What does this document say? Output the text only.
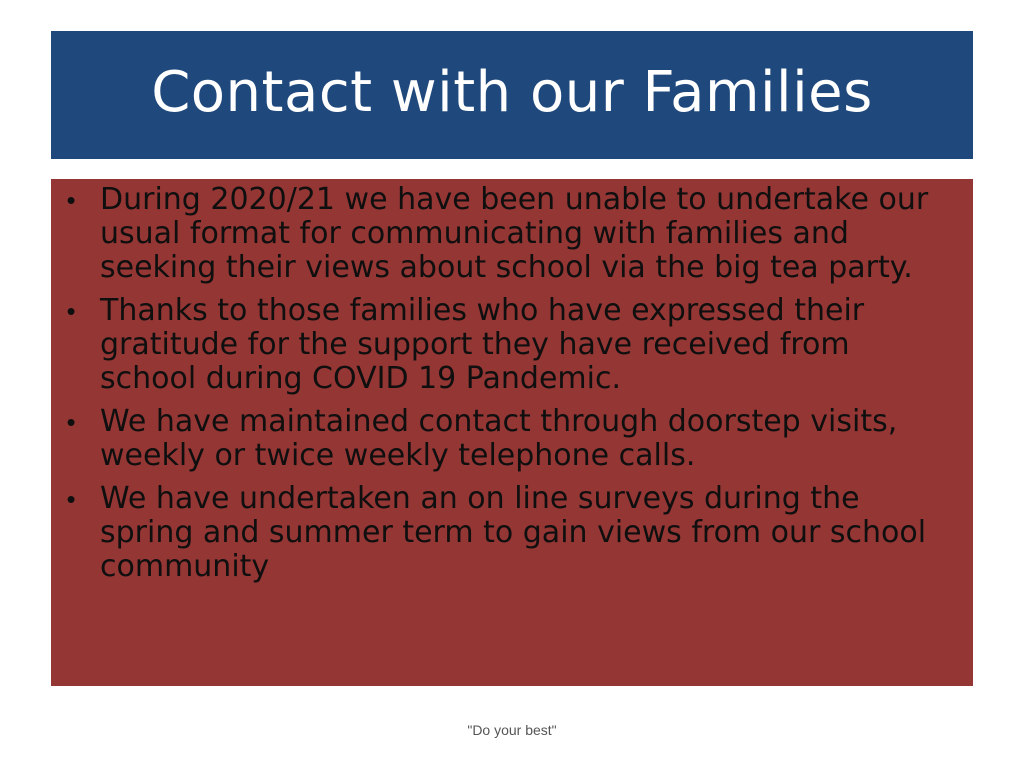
Contact with our Families
• During 2020/21 we have been unable to undertake our usual format for communicating with families and seeking their views about school via the big tea party.
• Thanks to those families who have expressed their gratitude for the support they have received from school during COVID 19 Pandemic.
• We have maintained contact through doorstep visits, weekly or twice weekly telephone calls.
• We have undertaken an on line surveys during the spring and summer term to gain views from our school community
"Do your best"
